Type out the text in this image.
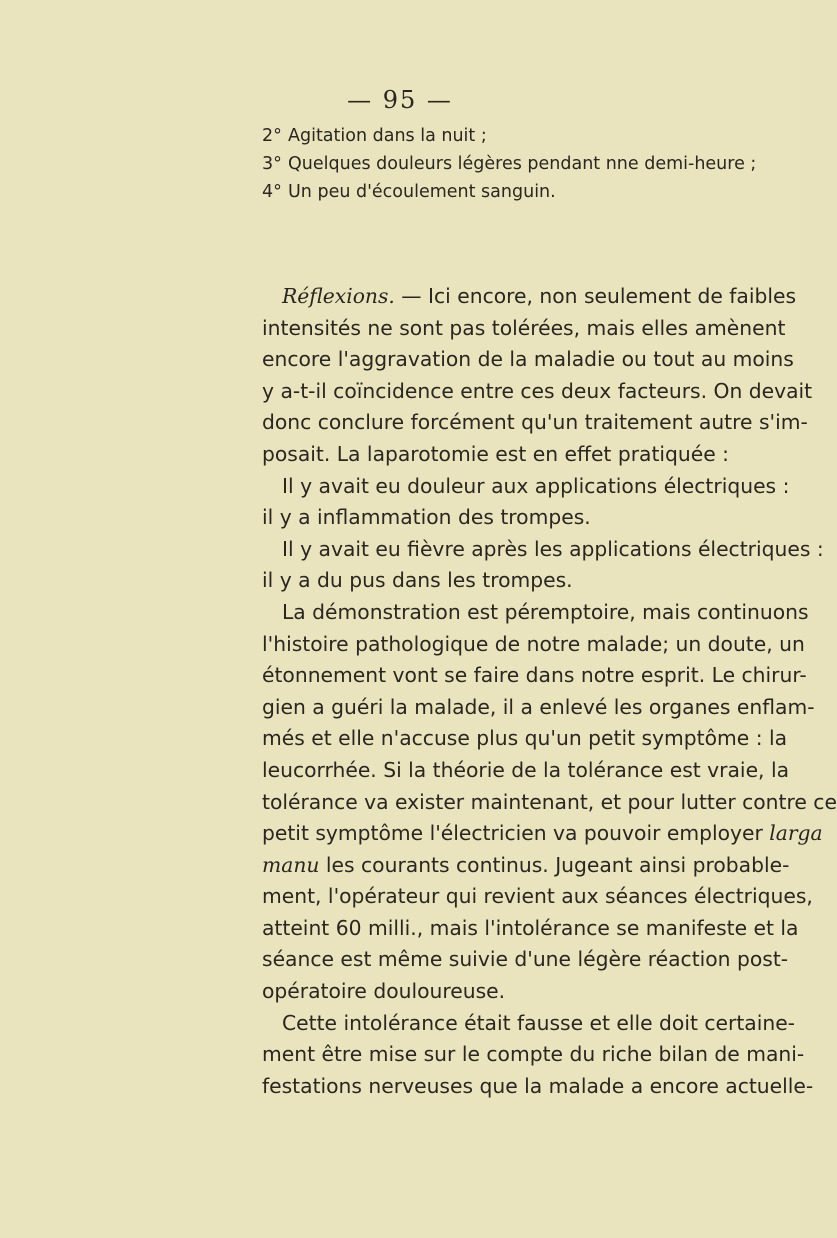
— 95 —
2° Agitation dans la nuit ;
3° Quelques douleurs légères pendant nne demi-heure ;
4° Un peu d'écoulement sanguin.
Réflexions. — Ici encore, non seulement de faibles
intensités ne sont pas tolérées, mais elles amènent
encore l'aggravation de la maladie ou tout au moins
y a-t-il coïncidence entre ces deux facteurs. On devait
donc conclure forcément qu'un traitement autre s'im-
posait. La laparotomie est en effet pratiquée :
Il y avait eu douleur aux applications électriques :
il y a inflammation des trompes.
Il y avait eu fièvre après les applications électriques :
il y a du pus dans les trompes.
La démonstration est péremptoire, mais continuons
l'histoire pathologique de notre malade; un doute, un
étonnement vont se faire dans notre esprit. Le chirur-
gien a guéri la malade, il a enlevé les organes enflam-
més et elle n'accuse plus qu'un petit symptôme : la
leucorrhée. Si la théorie de la tolérance est vraie, la
tolérance va exister maintenant, et pour lutter contre ce
petit symptôme l'électricien va pouvoir employer larga
manu les courants continus. Jugeant ainsi probable-
ment, l'opérateur qui revient aux séances électriques,
atteint 60 milli., mais l'intolérance se manifeste et la
séance est même suivie d'une légère réaction post-
opératoire douloureuse.
Cette intolérance était fausse et elle doit certaine-
ment être mise sur le compte du riche bilan de mani-
festations nerveuses que la malade a encore actuelle-
